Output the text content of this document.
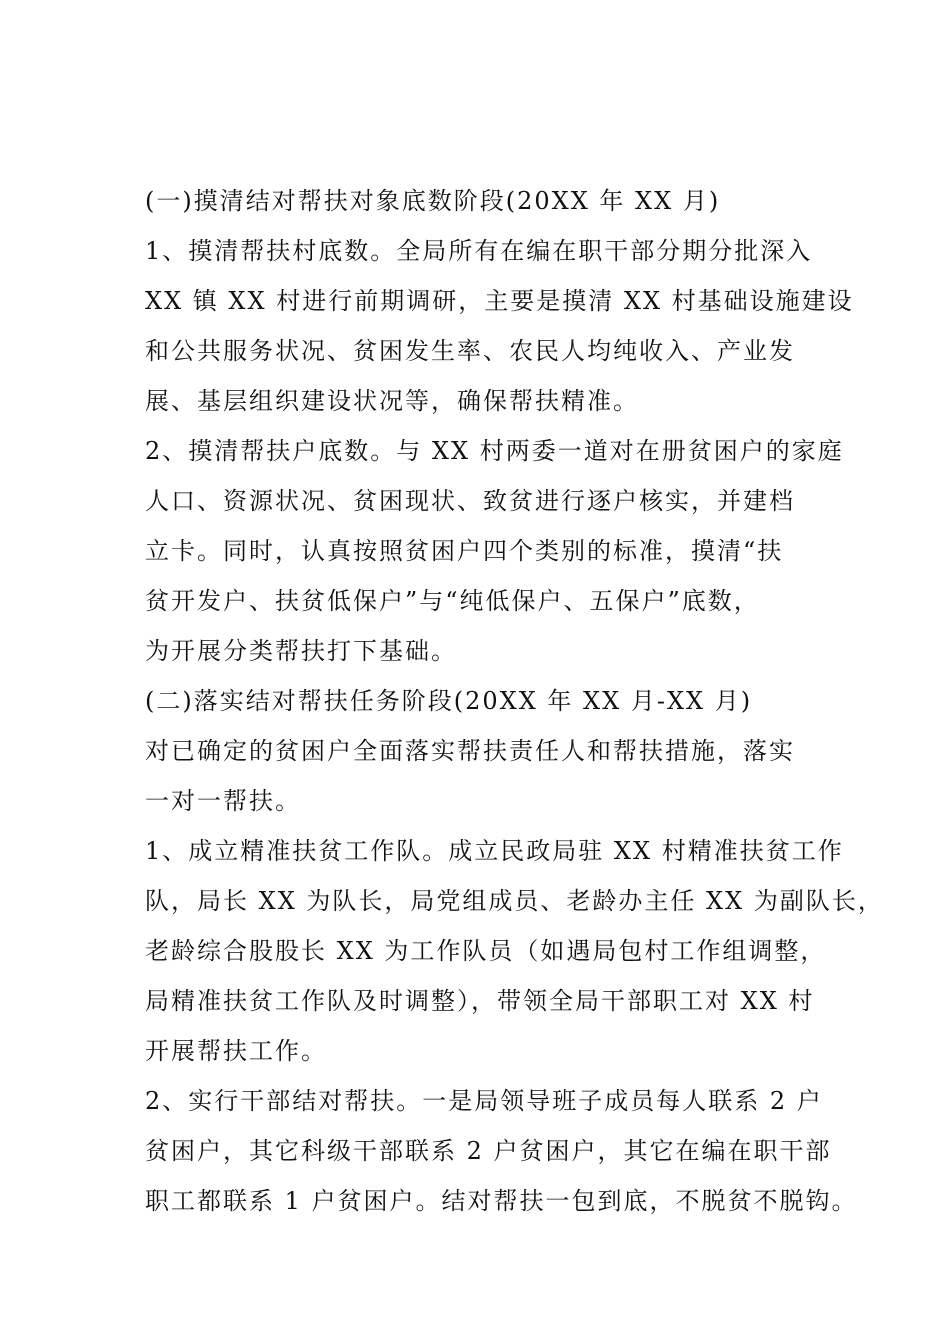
(一)摸清结对帮扶对象底数阶段(20XX 年 XX 月)
1、摸清帮扶村底数。全局所有在编在职干部分期分批深入
XX 镇 XX 村进行前期调研，主要是摸清 XX 村基础设施建设
和公共服务状况、贫困发生率、农民人均纯收入、产业发
展、基层组织建设状况等，确保帮扶精准。
2、摸清帮扶户底数。与 XX 村两委一道对在册贫困户的家庭
人口、资源状况、贫困现状、致贫进行逐户核实，并建档
立卡。同时，认真按照贫困户四个类别的标准，摸清“扶
贫开发户、扶贫低保户”与“纯低保户、五保户”底数，
为开展分类帮扶打下基础。
(二)落实结对帮扶任务阶段(20XX 年 XX 月-XX 月)
对已确定的贫困户全面落实帮扶责任人和帮扶措施，落实
一对一帮扶。
1、成立精准扶贫工作队。成立民政局驻 XX 村精准扶贫工作
队，局长 XX 为队长，局党组成员、老龄办主任 XX 为副队长，
老龄综合股股长 XX 为工作队员（如遇局包村工作组调整，
局精准扶贫工作队及时调整），带领全局干部职工对 XX 村
开展帮扶工作。
2、实行干部结对帮扶。一是局领导班子成员每人联系 2 户
贫困户，其它科级干部联系 2 户贫困户，其它在编在职干部
职工都联系 1 户贫困户。结对帮扶一包到底，不脱贫不脱钩。
